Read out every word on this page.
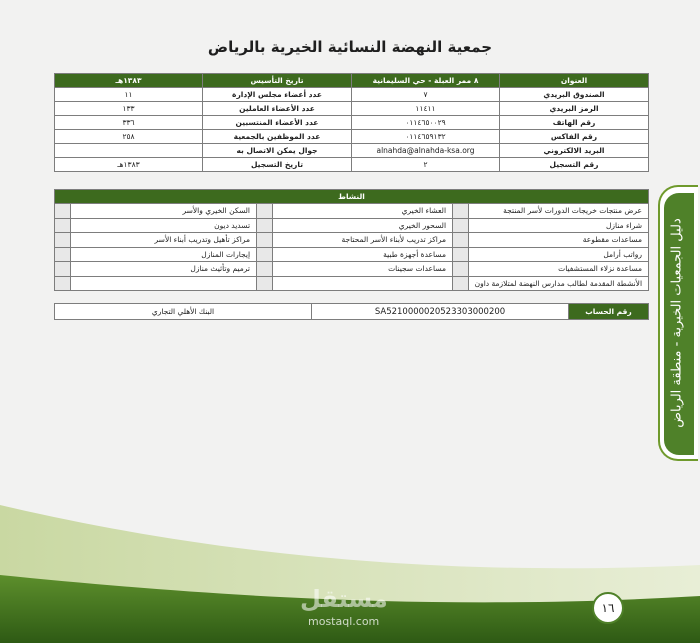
جمعية النهضة النسائية الخيرية بالرياض
العنوان	٨ ممر العبلة - حي السليمانية	تاريخ التأسيس	١٣٨٣هـ
الصندوق البريدي	٧	عدد أعضاء مجلس الإدارة	١١
الرمز البريدي	١١٤١١	عدد الأعضاء العاملين	١٣٣
رقم الهاتف	٠١١٤٦٥٠٠٢٩	عدد الأعضاء المنتسبين	٣٣٦
رقم الفاكس	٠١١٤٦٥٩١٣٢	عدد الموظفين بالجمعية	٢٥٨
البريد الالكتروني	alnahda@alnahda-ksa.org	جوال يمكن الاتصال به	
رقم التسجيل	٢	تاريخ التسجيل	١٣٨٣هـ
النشاط					
عرض منتجات خريجات الدورات لأسر المنتجة		العشاء الخيري		السكن الخيري والأسر	
شراء منازل		السحور الخيري		تسديد ديون	
مساعدات مقطوعة		مراكز تدريب لأبناء الأسر المحتاجة		مراكز تأهيل وتدريب أبناء الأسر	
رواتب أرامل		مساعدة أجهزة طبية		إيجارات المنازل	
مساعدة نزلاء المستشفيات		مساعدات سجينات		ترميم وتأثيث منازل	
الأنشطة المقدمة لطالب مدارس النهضة لمتلازمة داون					
رقم الحساب	SA5210000020523303000200	البنك الأهلي التجاري	دليل الجمعيات الخيرية - منطقة الرياض
١٦
مستقل
mostaql.com
